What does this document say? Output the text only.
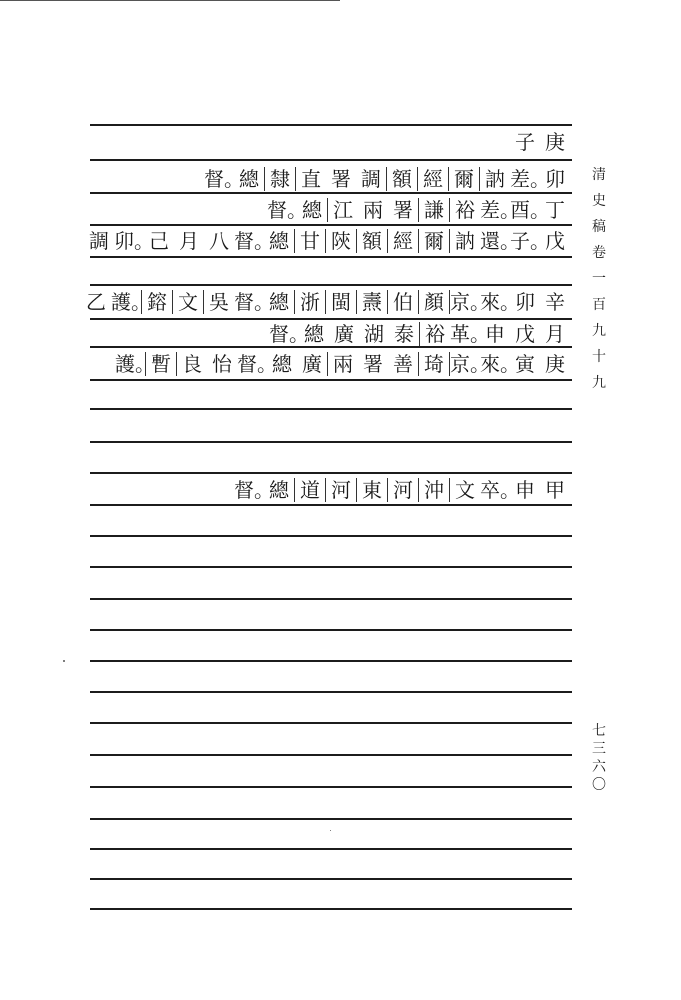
清史稿卷一百九十九
七三六〇
庚
子
卯
差。
訥
爾
經
額
調
署
直
隸
總
督。
丁
酉。
差。
裕
謙
署
兩
江
總
督。
戊
子。
還。
訥
爾
經
額
陝
甘
總
督。
八
月
己
卯。
調
辛
卯
來。
京。
顏
伯
燾
閩
浙
總
督。
吳
文
鎔
護。
乙
月
戊
申
革。
裕
泰
湖
廣
總
督。
庚
寅
來。
京。
琦
善
署
兩
廣
總
督。
怡
良
暫
護。
甲
申
卒。
文
沖
河
東
河
道
總
督。
